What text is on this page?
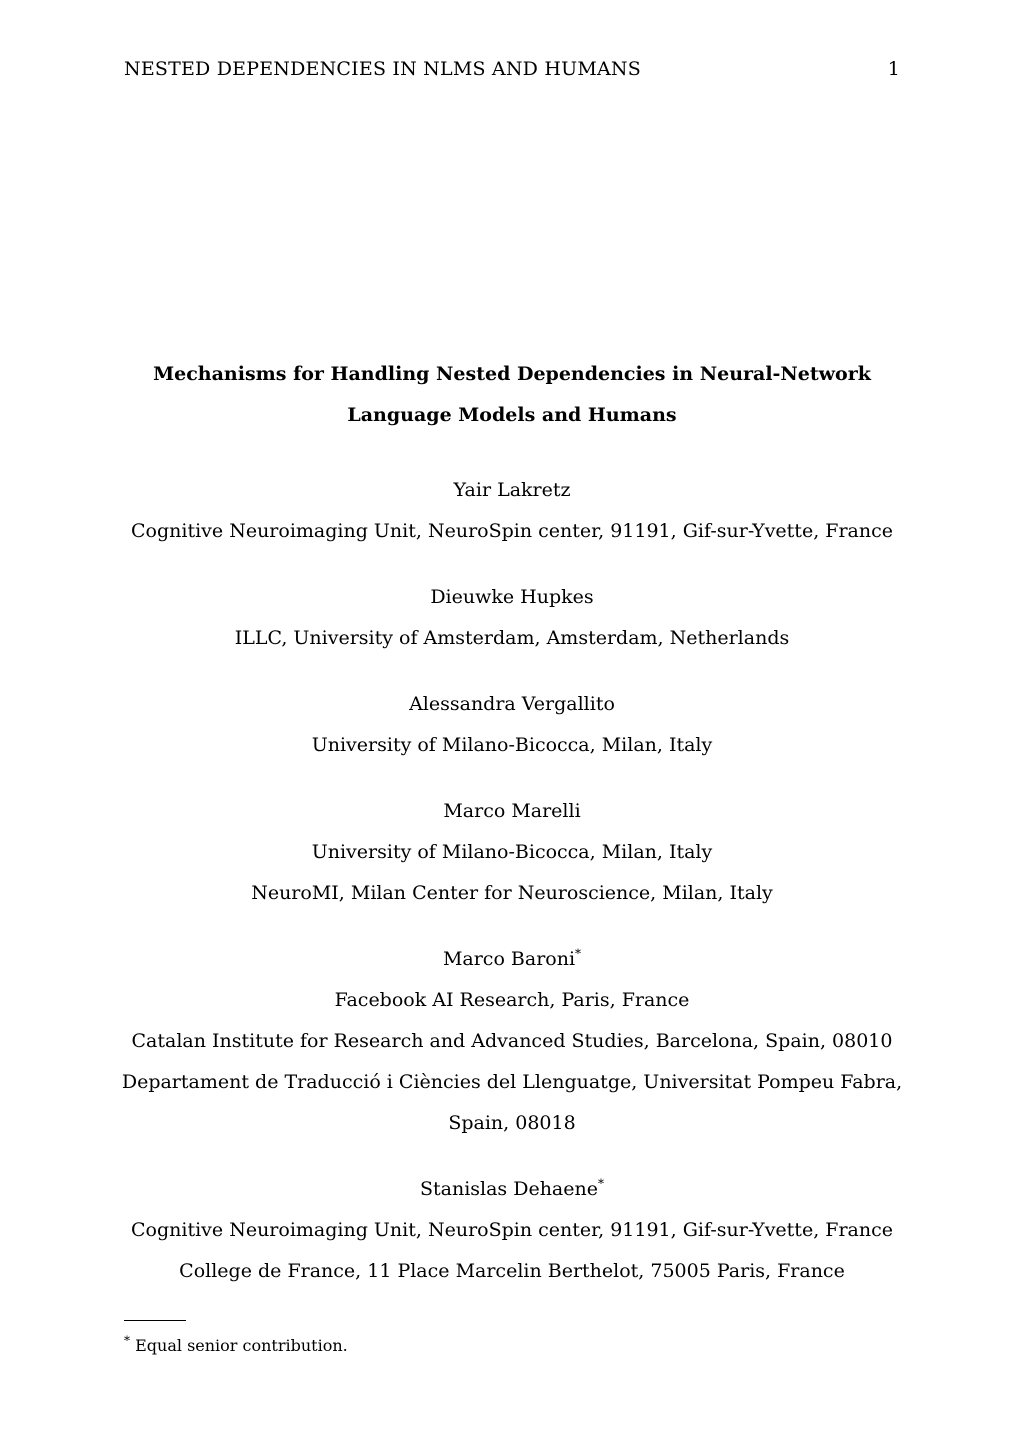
NESTED DEPENDENCIES IN NLMS AND HUMANS	1
Mechanisms for Handling Nested Dependencies in Neural-Network Language Models and Humans

Yair Lakretz

Cognitive Neuroimaging Unit, NeuroSpin center, 91191, Gif-sur-Yvette, France

Dieuwke Hupkes

ILLC, University of Amsterdam, Amsterdam, Netherlands

Alessandra Vergallito

University of Milano-Bicocca, Milan, Italy

Marco Marelli

University of Milano-Bicocca, Milan, Italy

NeuroMI, Milan Center for Neuroscience, Milan, Italy

Marco Baroni*

Facebook AI Research, Paris, France

Catalan Institute for Research and Advanced Studies, Barcelona, Spain, 08010

Departament de Traducció i Ciències del Llenguatge, Universitat Pompeu Fabra, Spain, 08018

Stanislas Dehaene*

Cognitive Neuroimaging Unit, NeuroSpin center, 91191, Gif-sur-Yvette, France

College de France, 11 Place Marcelin Berthelot, 75005 Paris, France

* Equal senior contribution.
